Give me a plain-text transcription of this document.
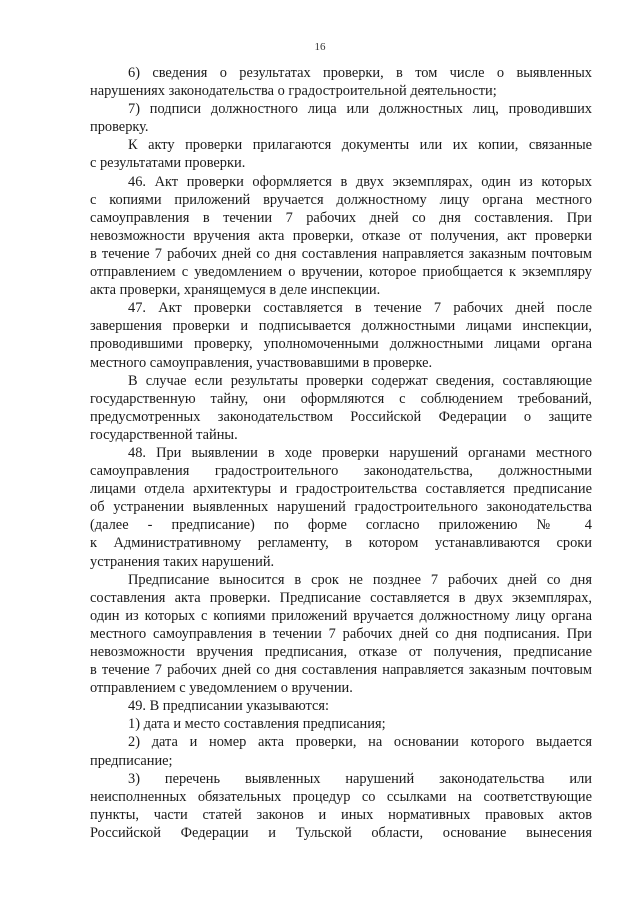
16
6) сведения о результатах проверки, в том числе о выявленных
нарушениях законодательства о градостроительной деятельности;
7) подписи должностного лица или должностных лиц, проводивших
проверку.
К акту проверки прилагаются документы или их копии, связанные
с результатами проверки.
46. Акт проверки оформляется в двух экземплярах, один из которых
с копиями приложений вручается должностному лицу органа местного
самоуправления в течении 7 рабочих дней со дня составления. При
невозможности вручения акта проверки, отказе от получения, акт проверки
в течение 7 рабочих дней со дня составления направляется заказным почтовым
отправлением с уведомлением о вручении, которое приобщается к экземпляру
акта проверки, хранящемуся в деле инспекции.
47. Акт проверки составляется в течение 7 рабочих дней после
завершения проверки и подписывается должностными лицами инспекции,
проводившими проверку, уполномоченными должностными лицами органа
местного самоуправления, участвовавшими в проверке.
В случае если результаты проверки содержат сведения, составляющие
государственную тайну, они оформляются с соблюдением требований,
предусмотренных законодательством Российской Федерации о защите
государственной тайны.
48. При выявлении в ходе проверки нарушений органами местного
самоуправления градостроительного законодательства, должностными
лицами отдела архитектуры и градостроительства составляется предписание
об устранении выявленных нарушений градостроительного законодательства
(далее - предписание) по форме согласно приложению № 4
к Административному регламенту, в котором устанавливаются сроки
устранения таких нарушений.
Предписание выносится в срок не позднее 7 рабочих дней со дня
составления акта проверки. Предписание составляется в двух экземплярах,
один из которых с копиями приложений вручается должностному лицу органа
местного самоуправления в течении 7 рабочих дней со дня подписания. При
невозможности вручения предписания, отказе от получения, предписание
в течение 7 рабочих дней со дня составления направляется заказным почтовым
отправлением с уведомлением о вручении.
49. В предписании указываются:
1) дата и место составления предписания;
2) дата и номер акта проверки, на основании которого выдается
предписание;
3) перечень выявленных нарушений законодательства или
неисполненных обязательных процедур со ссылками на соответствующие
пункты, части статей законов и иных нормативных правовых актов
Российской Федерации и Тульской области, основание вынесения
